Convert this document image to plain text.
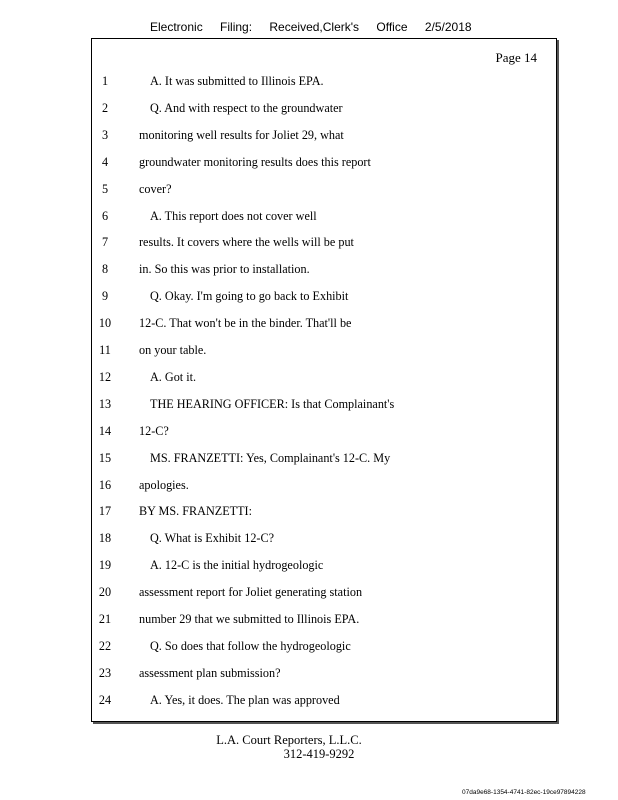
Electronic Filing: Received,Clerk's Office 2/5/2018
Page 14
1	A. It was submitted to Illinois EPA.
2	Q. And with respect to the groundwater
3	monitoring well results for Joliet 29, what
4	groundwater monitoring results does this report
5	cover?
6	A. This report does not cover well
7	results. It covers where the wells will be put
8	in. So this was prior to installation.
9	Q. Okay. I'm going to go back to Exhibit
10 12-C. That won't be in the binder. That'll be
11 on your table.
12	A. Got it.
13	THE HEARING OFFICER: Is that Complainant's
14 12-C?
15	MS. FRANZETTI: Yes, Complainant's 12-C. My
16 apologies.
17 BY MS. FRANZETTI:
18	Q. What is Exhibit 12-C?
19	A. 12-C is the initial hydrogeologic
20 assessment report for Joliet generating station
21 number 29 that we submitted to Illinois EPA.
22	Q. So does that follow the hydrogeologic
23 assessment plan submission?
24	A. Yes, it does. The plan was approved
L.A. Court Reporters, L.L.C.
312-419-9292
07da9e68-1354-4741-82ec-19ce97894228
